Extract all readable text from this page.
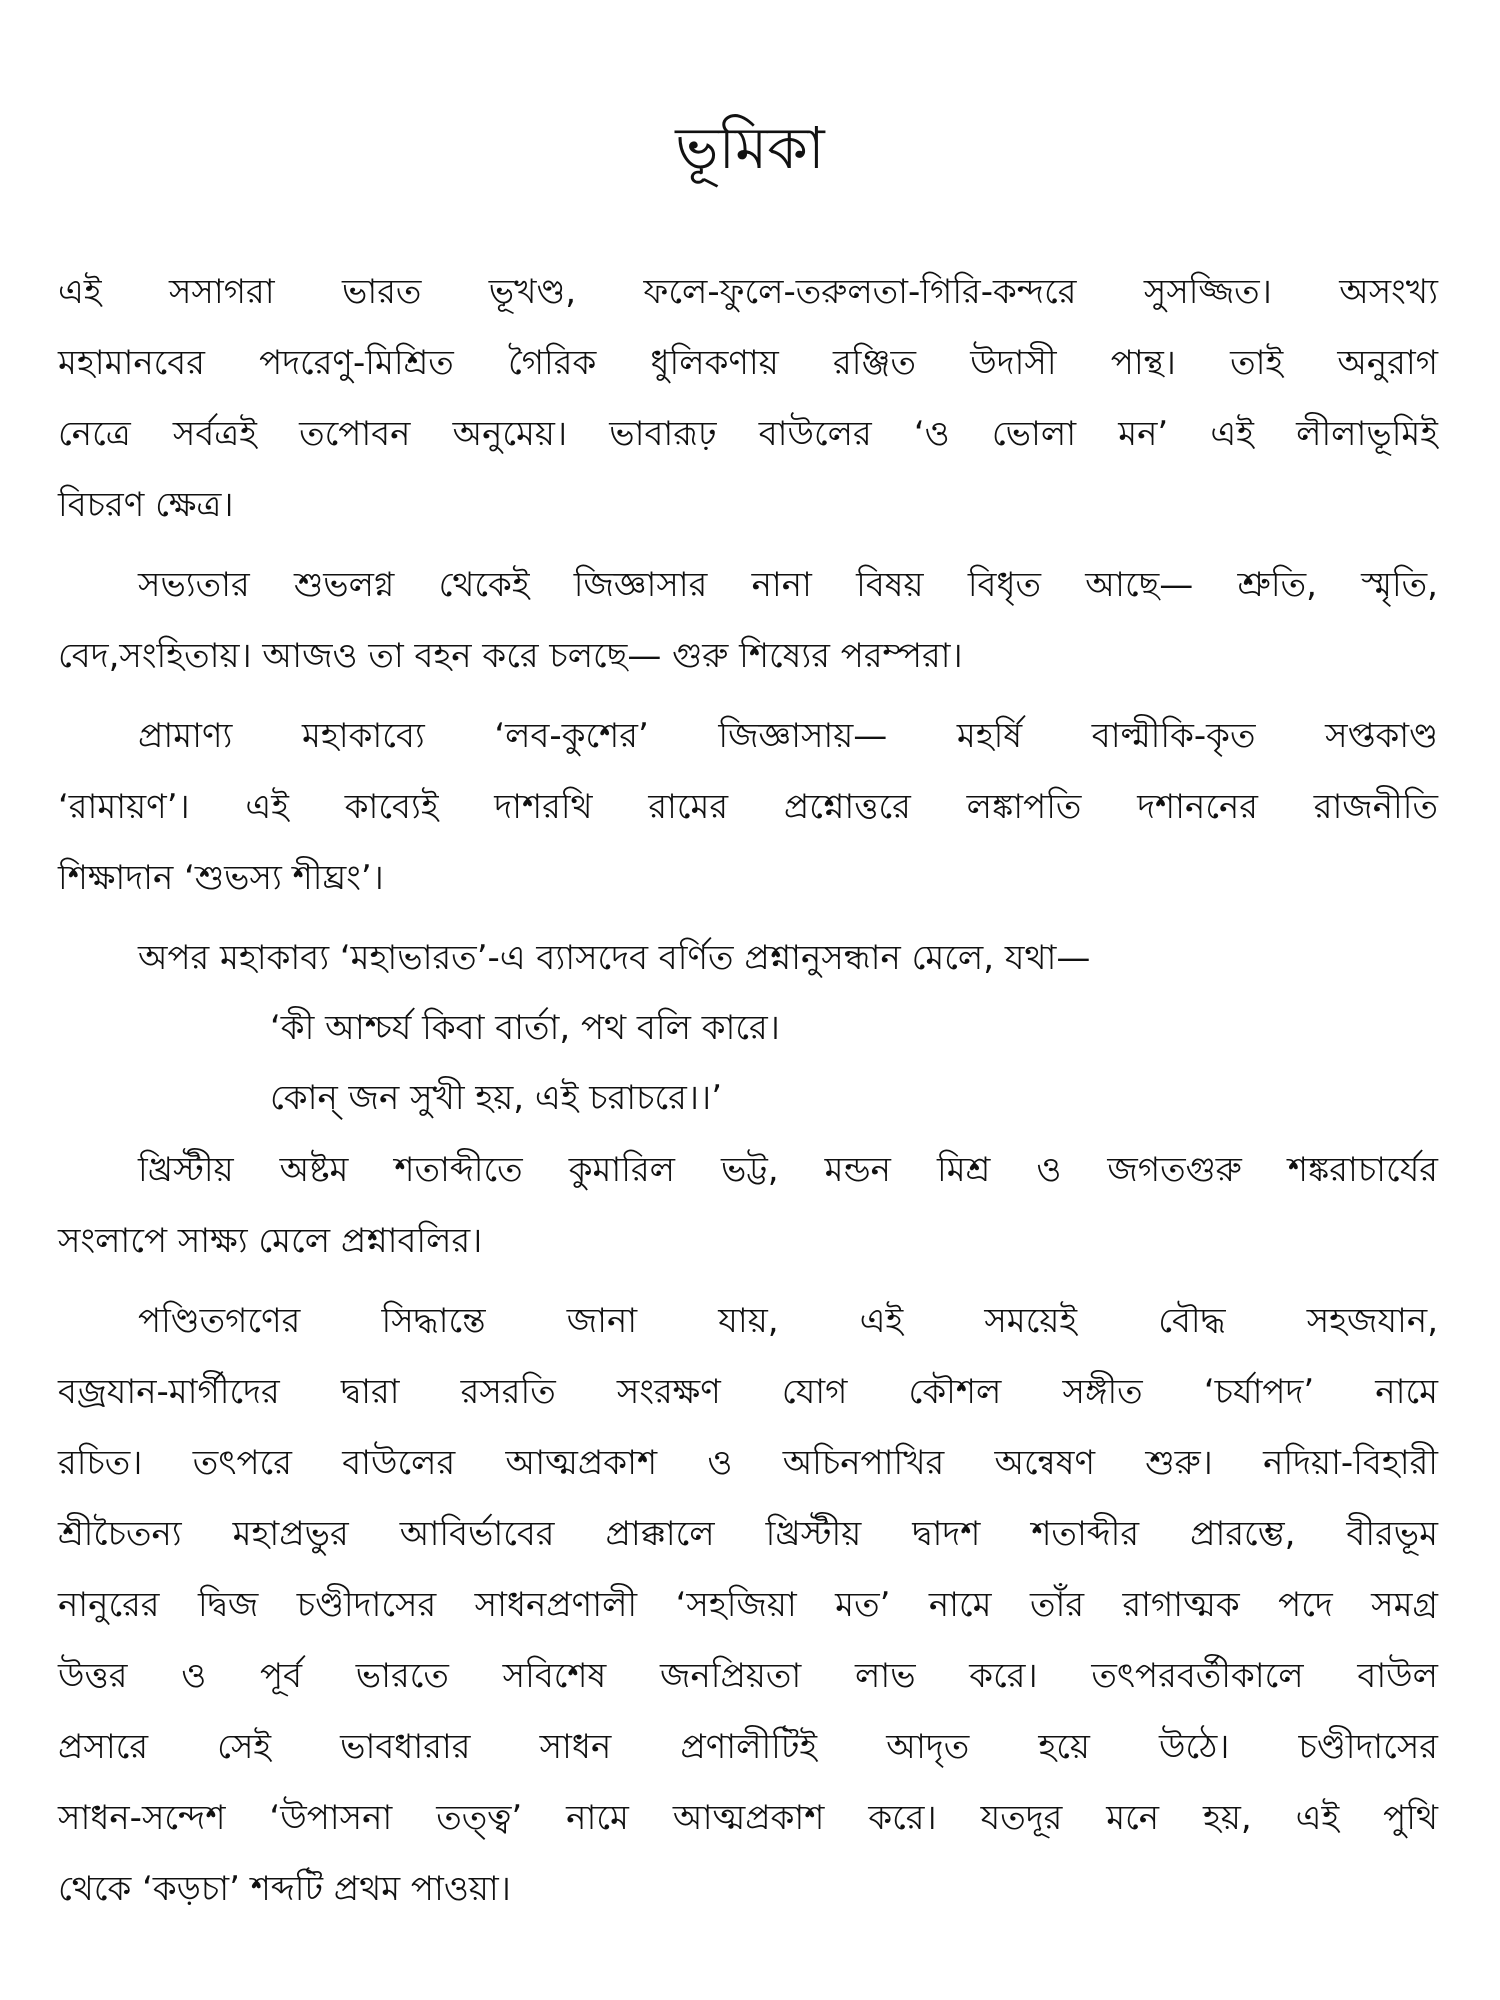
ভূমিকা
এই সসাগরা ভারত ভূখণ্ড, ফলে-ফুলে-তরুলতা-গিরি-কন্দরে সুসজ্জিত। অসংখ্য
মহামানবের পদরেণু-মিশ্রিত গৈরিক ধুলিকণায় রঞ্জিত উদাসী পান্থ। তাই অনুরাগ
নেত্রে সর্বত্রই তপোবন অনুমেয়। ভাবারূঢ় বাউলের ‘ও ভোলা মন’ এই লীলাভূমিই
বিচরণ ক্ষেত্র।
সভ্যতার শুভলগ্ন থেকেই জিজ্ঞাসার নানা বিষয় বিধৃত আছে— শ্রুতি, স্মৃতি,
বেদ,সংহিতায়। আজও তা বহন করে চলছে— গুরু শিষ্যের পরম্পরা।
প্রামাণ্য মহাকাব্যে ‘লব-কুশের’ জিজ্ঞাসায়— মহর্ষি বাল্মীকি-কৃত সপ্তকাণ্ড
‘রামায়ণ’। এই কাব্যেই দাশরথি রামের প্রশ্নোত্তরে লঙ্কাপতি দশাননের রাজনীতি
শিক্ষাদান ‘শুভস্য শীঘ্রং’।
অপর মহাকাব্য ‘মহাভারত’-এ ব্যাসদেব বর্ণিত প্রশ্নানুসন্ধান মেলে, যথা—
‘কী আশ্চর্য কিবা বার্তা, পথ বলি কারে।
কোন্ জন সুখী হয়, এই চরাচরে।।’
খ্রিস্টীয় অষ্টম শতাব্দীতে কুমারিল ভট্ট, মন্ডন মিশ্র ও জগতগুরু শঙ্করাচার্যের
সংলাপে সাক্ষ্য মেলে প্রশ্নাবলির।
পণ্ডিতগণের সিদ্ধান্তে জানা যায়, এই সময়েই বৌদ্ধ সহজযান,
বজ্রযান-মার্গীদের দ্বারা রসরতি সংরক্ষণ যোগ কৌশল সঙ্গীত ‘চর্যাপদ’ নামে
রচিত। তৎপরে বাউলের আত্মপ্রকাশ ও অচিনপাখির অন্বেষণ শুরু। নদিয়া-বিহারী
শ্রীচৈতন্য মহাপ্রভুর আবির্ভাবের প্রাক্কালে খ্রিস্টীয় দ্বাদশ শতাব্দীর প্রারম্ভে, বীরভূম
নানুরের দ্বিজ চণ্ডীদাসের সাধনপ্রণালী ‘সহজিয়া মত’ নামে তাঁর রাগাত্মক পদে সমগ্র
উত্তর ও পূর্ব ভারতে সবিশেষ জনপ্রিয়তা লাভ করে। তৎপরবর্তীকালে বাউল
প্রসারে সেই ভাবধারার সাধন প্রণালীটিই আদৃত হয়ে উঠে। চণ্ডীদাসের
সাধন-সন্দেশ ‘উপাসনা তত্ত্ব’ নামে আত্মপ্রকাশ করে। যতদূর মনে হয়, এই পুথি
থেকে ‘কড়চা’ শব্দটি প্রথম পাওয়া।
